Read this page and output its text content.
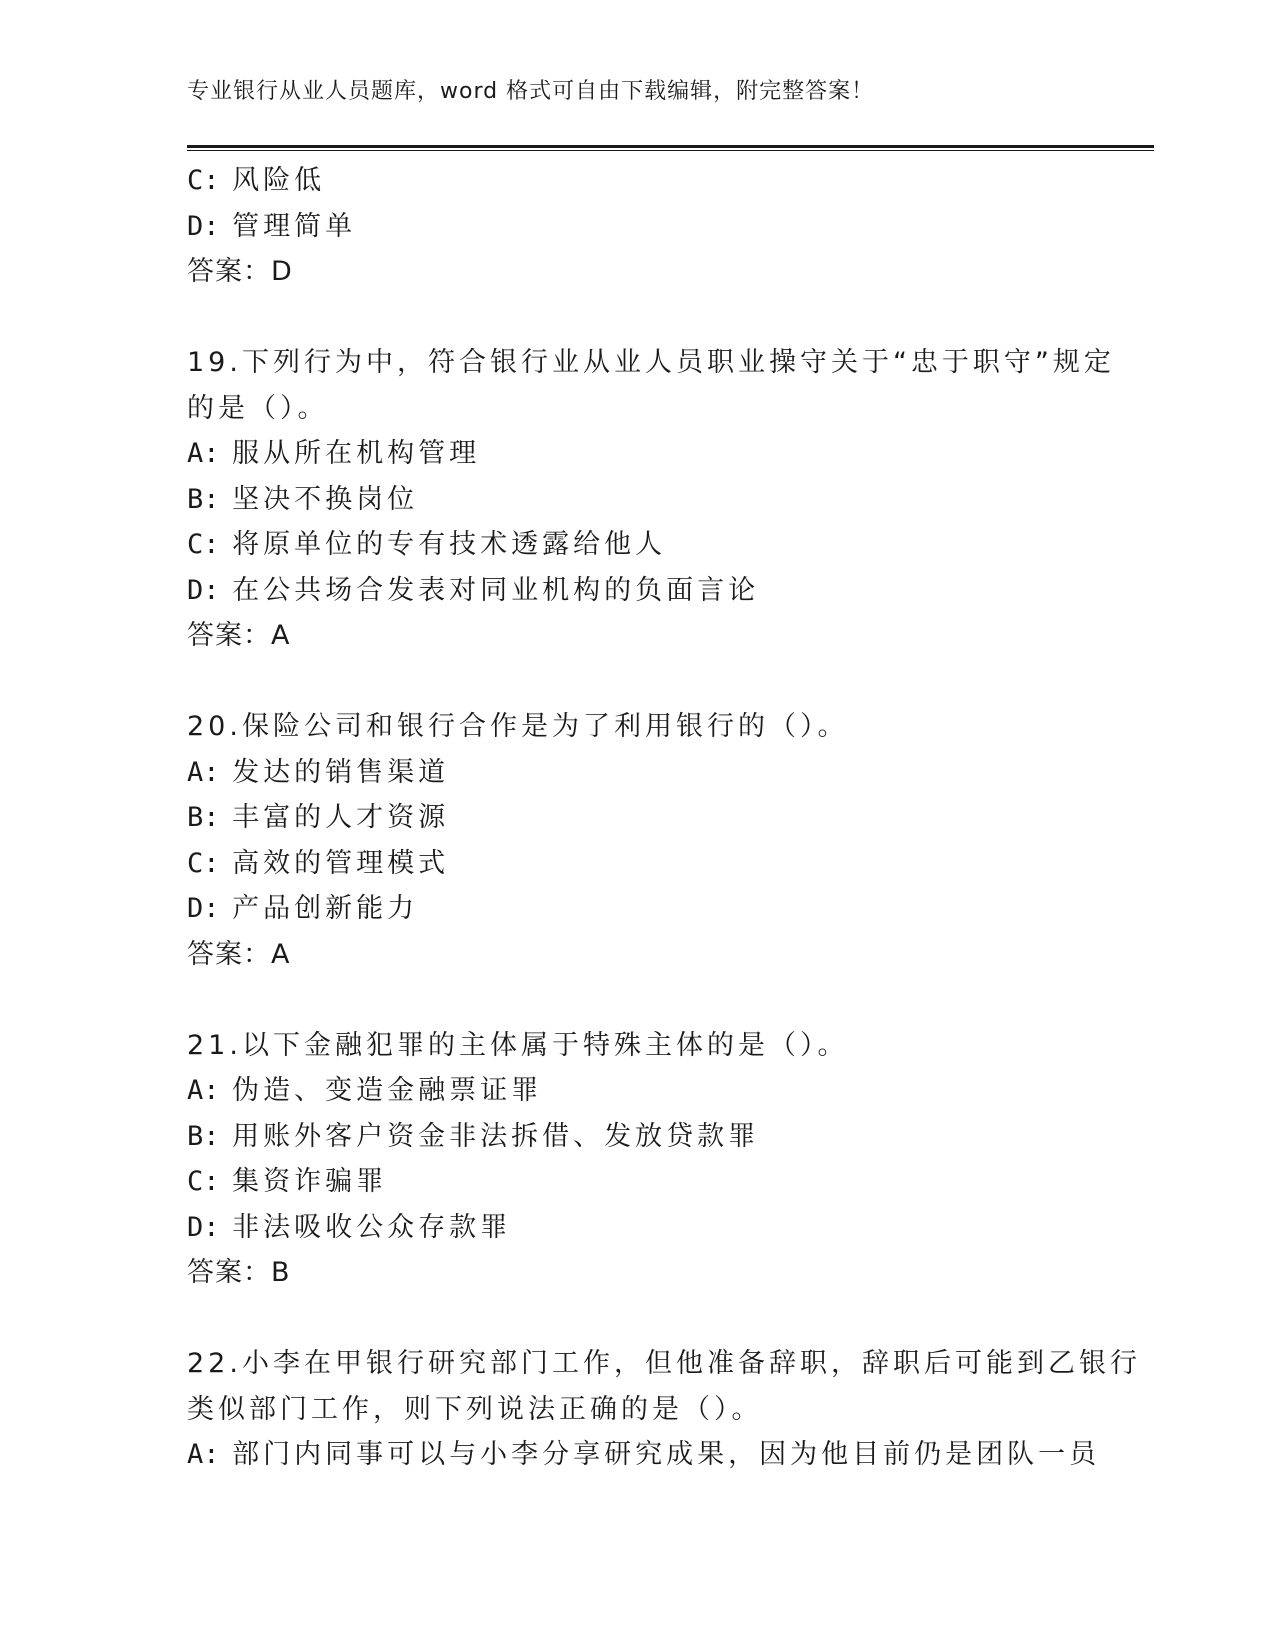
专业银行从业人员题库，word 格式可自由下载编辑，附完整答案！
C: 风险低
D: 管理简单
答案：D
19.下列行为中，符合银行业从业人员职业操守关于“忠于职守”规定
的是（）。
A: 服从所在机构管理
B: 坚决不换岗位
C: 将原单位的专有技术透露给他人
D: 在公共场合发表对同业机构的负面言论
答案：A
20.保险公司和银行合作是为了利用银行的（）。
A: 发达的销售渠道
B: 丰富的人才资源
C: 高效的管理模式
D: 产品创新能力
答案：A
21.以下金融犯罪的主体属于特殊主体的是（）。
A: 伪造、变造金融票证罪
B: 用账外客户资金非法拆借、发放贷款罪
C: 集资诈骗罪
D: 非法吸收公众存款罪
答案：B
22.小李在甲银行研究部门工作，但他准备辞职，辞职后可能到乙银行
类似部门工作，则下列说法正确的是（）。
A: 部门内同事可以与小李分享研究成果，因为他目前仍是团队一员
